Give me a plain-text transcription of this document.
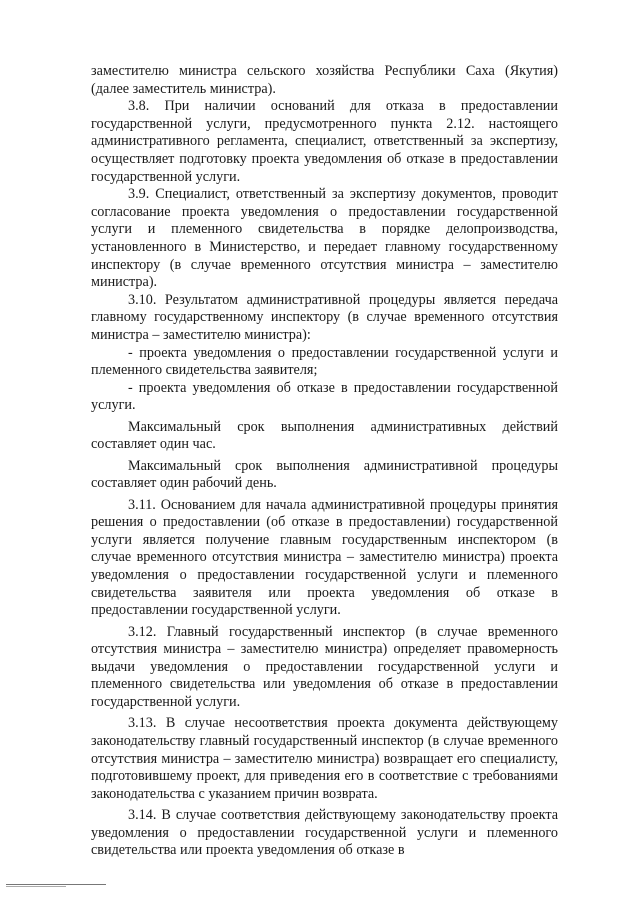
заместителю министра сельского хозяйства Республики Саха (Якутия) (далее заместитель министра).

3.8. При наличии оснований для отказа в предоставлении государственной услуги, предусмотренного пункта 2.12. настоящего административного регламента, специалист, ответственный за экспертизу, осуществляет подготовку проекта уведомления об отказе в предоставлении государственной услуги.

3.9. Специалист, ответственный за экспертизу документов, проводит согласование проекта уведомления о предоставлении государственной услуги и племенного свидетельства в порядке делопроизводства, установленного в Министерство, и передает главному государственному инспектору (в случае временного отсутствия министра – заместителю министра).

3.10. Результатом административной процедуры является передача главному государственному инспектору (в случае временного отсутствия министра – заместителю министра):

- проекта уведомления о предоставлении государственной услуги и племенного свидетельства заявителя;

- проекта уведомления об отказе в предоставлении государственной услуги.

Максимальный срок выполнения административных действий составляет один час.

Максимальный срок выполнения административной процедуры составляет один рабочий день.

3.11. Основанием для начала административной процедуры принятия решения о предоставлении (об отказе в предоставлении) государственной услуги является получение главным государственным инспектором (в случае временного отсутствия министра – заместителю министра) проекта уведомления о предоставлении государственной услуги и племенного свидетельства заявителя или проекта уведомления об отказе в предоставлении государственной услуги.

3.12. Главный государственный инспектор (в случае временного отсутствия министра – заместителю министра) определяет правомерность выдачи уведомления о предоставлении государственной услуги и племенного свидетельства или уведомления об отказе в предоставлении государственной услуги.

3.13. В случае несоответствия проекта документа действующему законодательству главный государственный инспектор (в случае временного отсутствия министра – заместителю министра) возвращает его специалисту, подготовившему проект, для приведения его в соответствие с требованиями законодательства с указанием причин возврата.

3.14. В случае соответствия действующему законодательству проекта уведомления о предоставлении государственной услуги и племенного свидетельства или проекта уведомления об отказе в
